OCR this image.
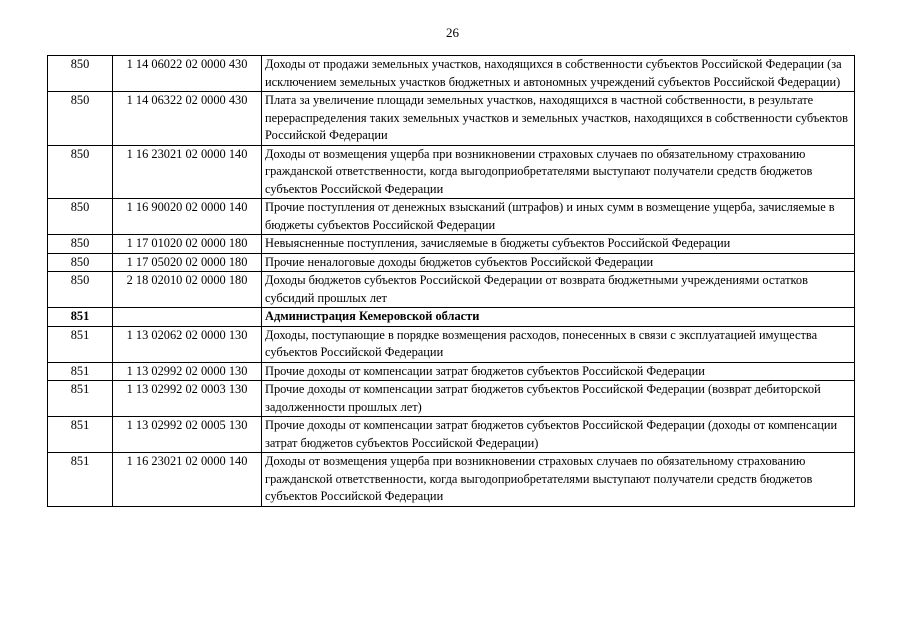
26
850	1 14 06022 02 0000 430	Доходы от продажи земельных участков, находящихся в собственности субъектов Российской Федерации (за исключением земельных участков бюджетных и автономных учреждений субъектов Российской Федерации)
850	1 14 06322 02 0000 430	Плата за увеличение площади земельных участков, находящихся в частной собственности, в результате перераспределения таких земельных участков и земельных участков, находящихся в собственности субъектов Российской Федерации
850	1 16 23021 02 0000 140	Доходы от возмещения ущерба при возникновении страховых случаев по обязательному страхованию гражданской ответственности, когда выгодоприобретателями выступают получатели средств бюджетов субъектов Российской Федерации
850	1 16 90020 02 0000 140	Прочие поступления от денежных взысканий (штрафов) и иных сумм в возмещение ущерба, зачисляемые в бюджеты субъектов Российской Федерации
850	1 17 01020 02 0000 180	Невыясненные поступления, зачисляемые в бюджеты субъектов Российской Федерации
850	1 17 05020 02 0000 180	Прочие неналоговые доходы бюджетов субъектов Российской Федерации
850	2 18 02010 02 0000 180	Доходы бюджетов субъектов Российской Федерации от возврата бюджетными учреждениями остатков субсидий прошлых лет
851		Администрация Кемеровской области
851	1 13 02062 02 0000 130	Доходы, поступающие в порядке возмещения расходов, понесенных в связи с эксплуатацией имущества субъектов Российской Федерации
851	1 13 02992 02 0000 130	Прочие доходы от компенсации затрат бюджетов субъектов Российской Федерации
851	1 13 02992 02 0003 130	Прочие доходы от компенсации затрат бюджетов субъектов Российской Федерации (возврат дебиторской задолженности прошлых лет)
851	1 13 02992 02 0005 130	Прочие доходы от компенсации затрат бюджетов субъектов Российской Федерации (доходы от компенсации затрат бюджетов субъектов Российской Федерации)
851	1 16 23021 02 0000 140	Доходы от возмещения ущерба при возникновении страховых случаев по обязательному страхованию гражданской ответственности, когда выгодоприобретателями выступают получатели средств бюджетов субъектов Российской Федерации
